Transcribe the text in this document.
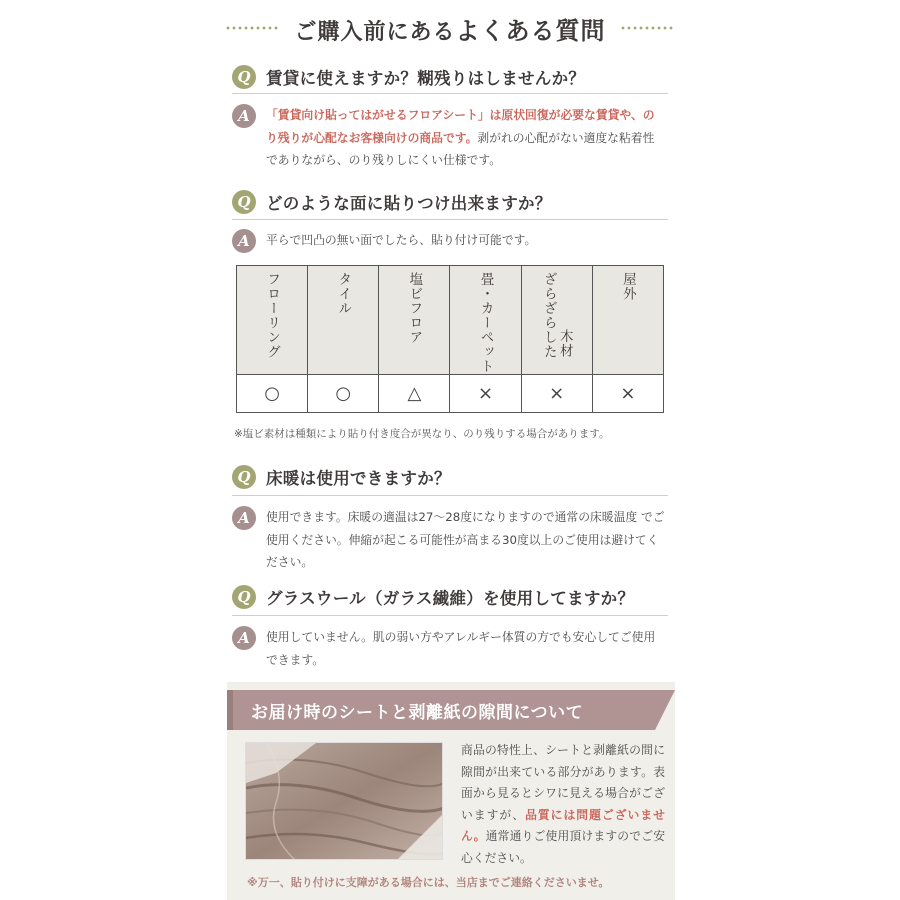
ご購入前にあるよくある質問
Q 賃貸に使えますか？糊残りはしませんか？
A	「賃貸向け貼ってはがせるフロアシート」は原状回復が必要な賃貸や、のり残りが心配なお客様向けの商品です。剥がれの心配がない適度な粘着性でありながら、のり残りしにくい仕様です。
Q どのような面に貼りつけ出来ますか？
A	平らで凹凸の無い面でしたら、貼り付け可能です。
フローリング	タイル	塩ビフロア	畳・カーペット	ざらざらした 木材	屋外

○	○	△	×	×	×
※塩ビ素材は種類により貼り付き度合が異なり、のり残りする場合があります。
Q 床暖は使用できますか？
A	使用できます。床暖の適温は27〜28度になりますので通常の床暖温度 でご使用ください。伸縮が起こる可能性が高まる30度以上のご使用は避けてください。
Q グラスウール（ガラス繊維）を使用してますか？
A	使用していません。肌の弱い方やアレルギー体質の方でも安心してご使用できます。
お届け時のシートと剥離紙の隙間について
商品の特性上、シートと剥離紙の間に隙間が出来ている部分があります。表面から見るとシワに見える場合がございますが、品質には問題ございません。通常通りご使用頂けますのでご安心ください。
※万一、貼り付けに支障がある場合には、当店までご連絡くださいませ。
